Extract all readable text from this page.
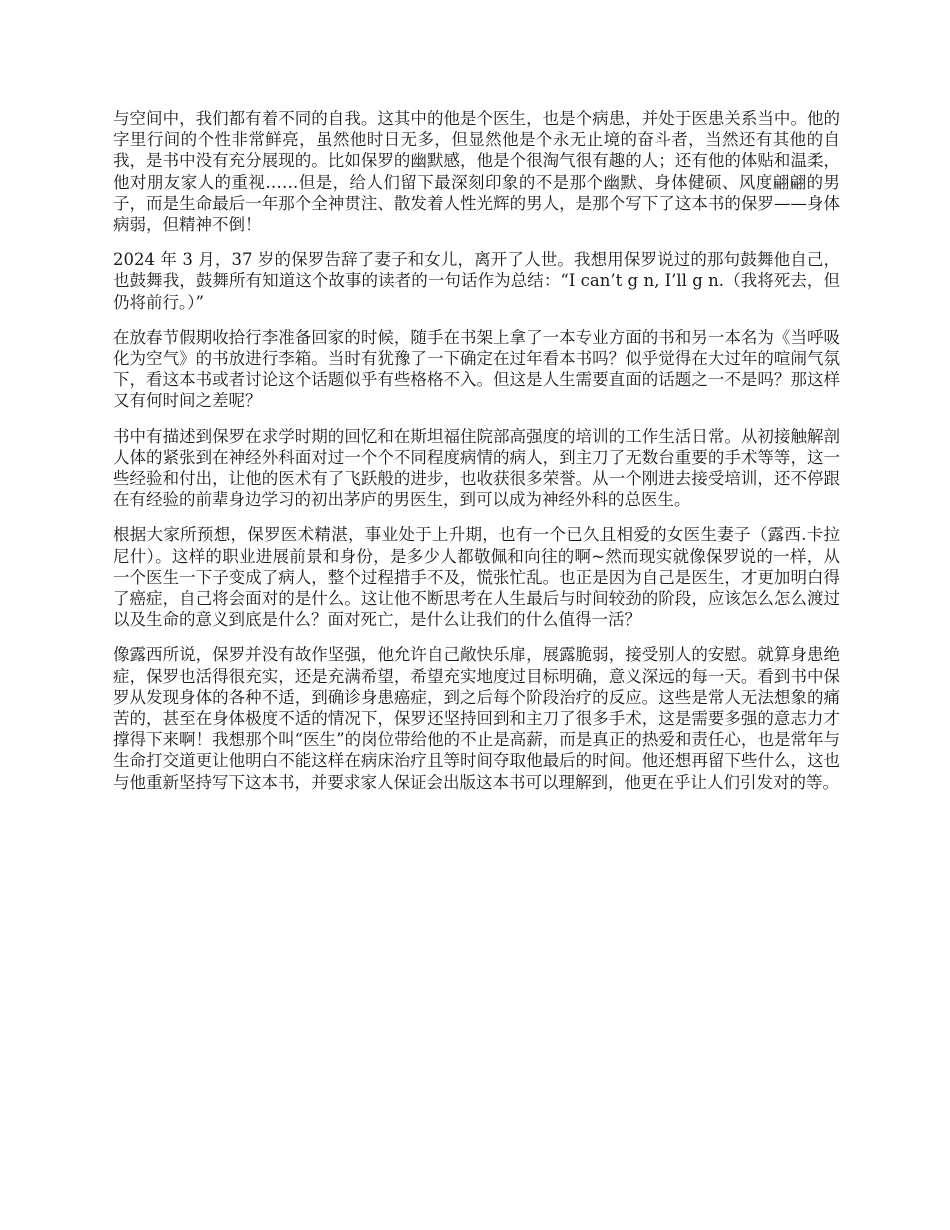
与空间中，我们都有着不同的自我。这其中的他是个医生，也是个病患，并处于医患关系当中。他的字里行间的个性非常鲜亮，虽然他时日无多，但显然他是个永无止境的奋斗者，当然还有其他的自我，是书中没有充分展现的。比如保罗的幽默感，他是个很淘气很有趣的人；还有他的体贴和温柔，他对朋友家人的重视……但是，给人们留下最深刻印象的不是那个幽默、身体健硕、风度翩翩的男子，而是生命最后一年那个全神贯注、散发着人性光辉的男人，是那个写下了这本书的保罗——身体病弱，但精神不倒！

2024 年 3 月，37 岁的保罗告辞了妻子和女儿，离开了人世。我想用保罗说过的那句鼓舞他自己，也鼓舞我，鼓舞所有知道这个故事的读者的一句话作为总结：“I can’t g n, I’ll g n.（我将死去，但仍将前行。）”

在放春节假期收拾行李准备回家的时候，随手在书架上拿了一本专业方面的书和另一本名为《当呼吸化为空气》的书放进行李箱。当时有犹豫了一下确定在过年看本书吗？似乎觉得在大过年的喧闹气氛下，看这本书或者讨论这个话题似乎有些格格不入。但这是人生需要直面的话题之一不是吗？那这样又有何时间之差呢？

书中有描述到保罗在求学时期的回忆和在斯坦福住院部高强度的培训的工作生活日常。从初接触解剖人体的紧张到在神经外科面对过一个个不同程度病情的病人，到主刀了无数台重要的手术等等，这一些经验和付出，让他的医术有了飞跃般的进步，也收获很多荣誉。从一个刚进去接受培训，还不停跟在有经验的前辈身边学习的初出茅庐的男医生，到可以成为神经外科的总医生。

根据大家所预想，保罗医术精湛，事业处于上升期，也有一个已久且相爱的女医生妻子（露西.卡拉尼什）。这样的职业进展前景和身份，是多少人都敬佩和向往的啊~然而现实就像保罗说的一样，从一个医生一下子变成了病人，整个过程措手不及，慌张忙乱。也正是因为自己是医生，才更加明白得了癌症，自己将会面对的是什么。这让他不断思考在人生最后与时间较劲的阶段，应该怎么怎么渡过以及生命的意义到底是什么？面对死亡，是什么让我们的什么值得一活？

像露西所说，保罗并没有故作坚强，他允许自己敞快乐扉，展露脆弱，接受别人的安慰。就算身患绝症，保罗也活得很充实，还是充满希望，希望充实地度过目标明确，意义深远的每一天。看到书中保罗从发现身体的各种不适，到确诊身患癌症，到之后每个阶段治疗的反应。这些是常人无法想象的痛苦的，甚至在身体极度不适的情况下，保罗还坚持回到和主刀了很多手术，这是需要多强的意志力才撑得下来啊！我想那个叫“医生”的岗位带给他的不止是高薪，而是真正的热爱和责任心，也是常年与生命打交道更让他明白不能这样在病床治疗且等时间夺取他最后的时间。他还想再留下些什么，这也与他重新坚持写下这本书，并要求家人保证会出版这本书可以理解到，他更在乎让人们引发对的等。
